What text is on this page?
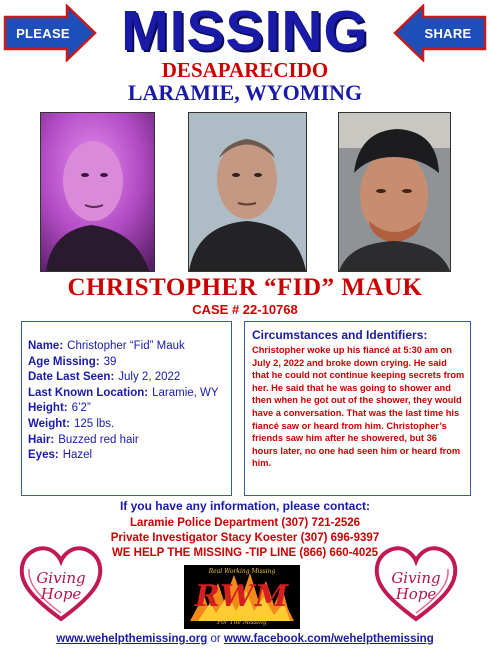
PLEASE	SHARE
MISSING
DESAPARECIDO
LARAMIE, WYOMING
CHRISTOPHER “FID” MAUK
CASE # 22-10768
Name: Christopher “Fid” Mauk
Age Missing: 39
Date Last Seen: July 2, 2022
Last Known Location: Laramie, WY
Height: 6’2”
Weight: 125 lbs.
Hair: Buzzed red hair
Eyes: Hazel
Circumstances and Identifiers:
Christopher woke up his fiancé at 5:30 am on July 2, 2022 and broke down crying. He said that he could not continue keeping secrets from her. He said that he was going to shower and then when he got out of the shower, they would have a conversation. That was the last time his fiancé saw or heard from him. Christopher’s friends saw him after he showered, but 36 hours later, no one had seen him or heard from him.
If you have any information, please contact:
Laramie Police Department (307) 721-2526
Private Investigator Stacy Koester (307) 696-9397
WE HELP THE MISSING -TIP LINE (866) 660-4025
Giving
Hope
Giving
Hope
Real Working Missing
RWM
For The Missing
www.wehelpthemissing.org or www.facebook.com/wehelpthemissing
